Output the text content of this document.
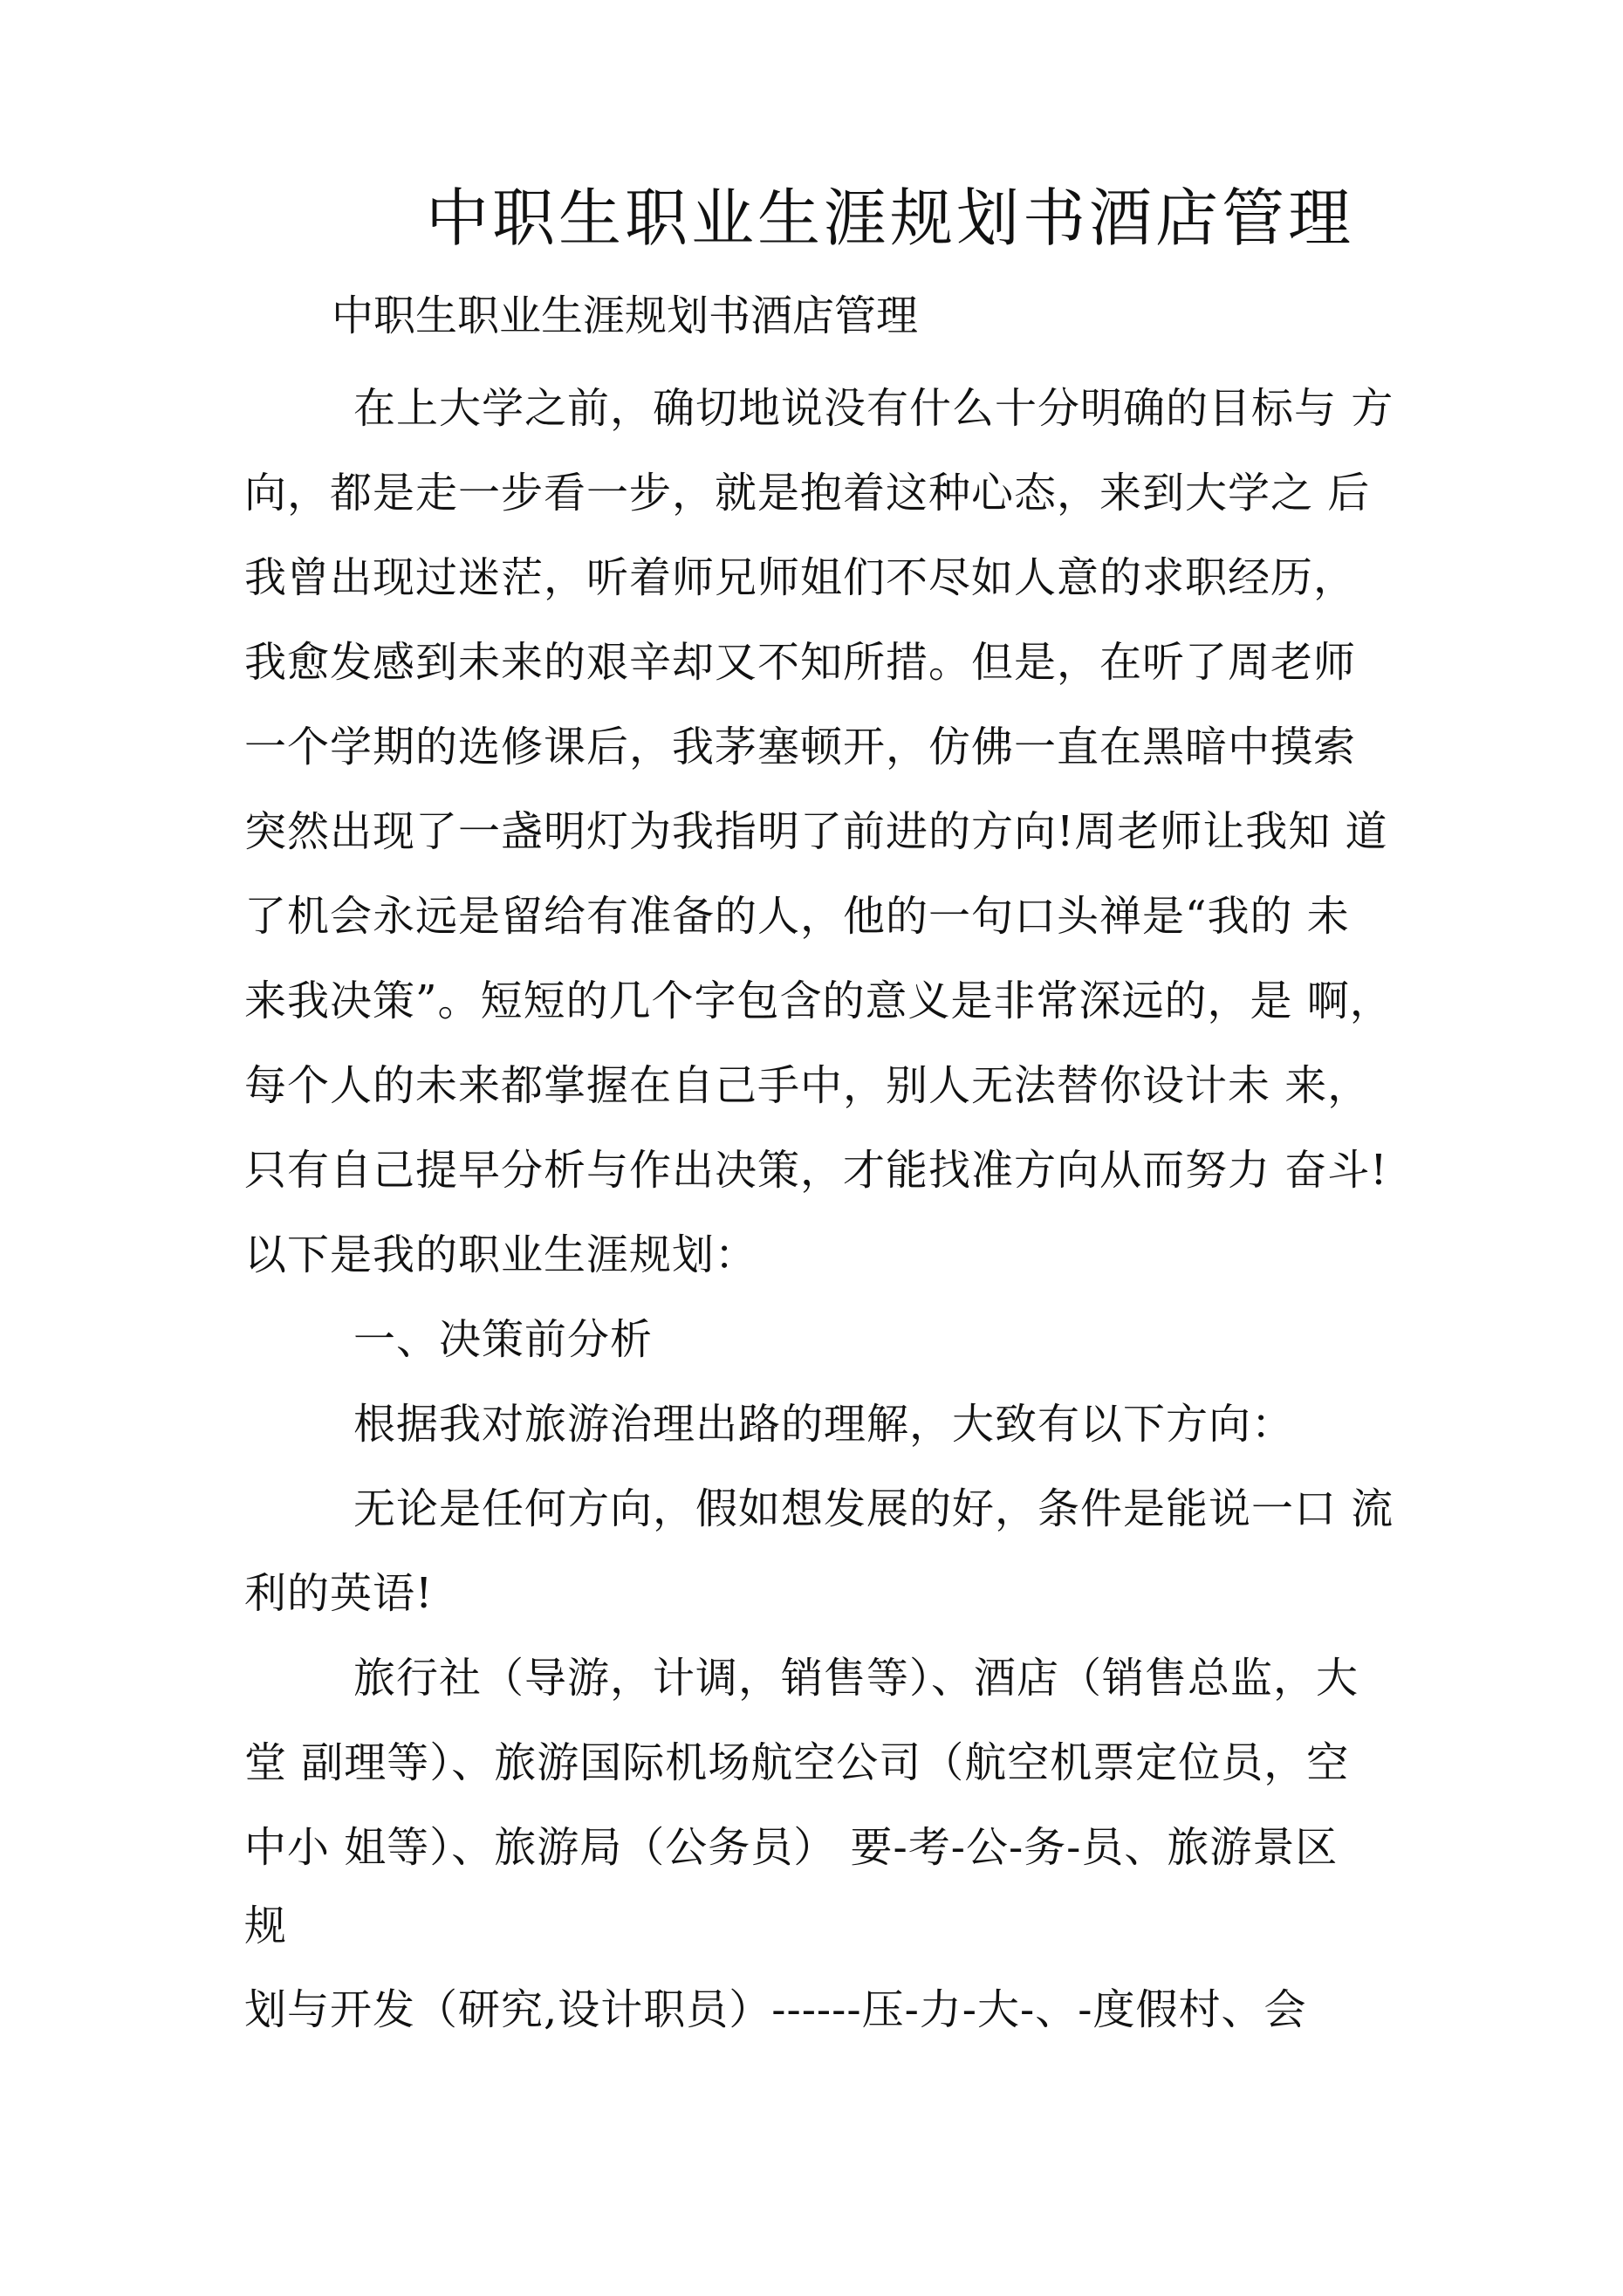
中职生职业生涯规划书酒店管理
中职生职业生涯规划书酒店管理
在上大学之前，确切地说没有什么十分明确的目标与 方
向，都是走一步看一步，就是抱着这种心态，来到大学之 后
我曾出现过迷茫，听着师兄师姐们不尽如人意的求职经历，
我愈发感到未来的艰辛却又不知所措。但是，在听了周老师
一个学期的选修课后，我茅塞顿开，仿佛一直在黑暗中摸索
突然出现了一盏明灯为我指明了前进的方向!周老师让我知 道
了机会永远是留给有准备的人，他的一句口头禅是“我的 未
来我决策”。短短的几个字包含的意义是非常深远的，是 啊，
每个人的未来都掌握在自己手中，别人无法替你设计未 来，
只有自己提早分析与作出决策，才能找准方向从而努力 奋斗!
以下是我的职业生涯规划：
一、决策前分析
根据我对旅游治理出路的理解，大致有以下方向：
无论是任何方向，假如想发展的好，条件是能说一口 流
利的英语!
旅行社（导游，计调，销售等）、酒店（销售总监，大
堂 副理等）、旅游国际机场航空公司（航空机票定位员，空
中小 姐等）、旅游局（公务员） 要-考-公-务-员、旅游景区
规
划与开发（研究,设计职员）------压-力-大-、-度假村、会
